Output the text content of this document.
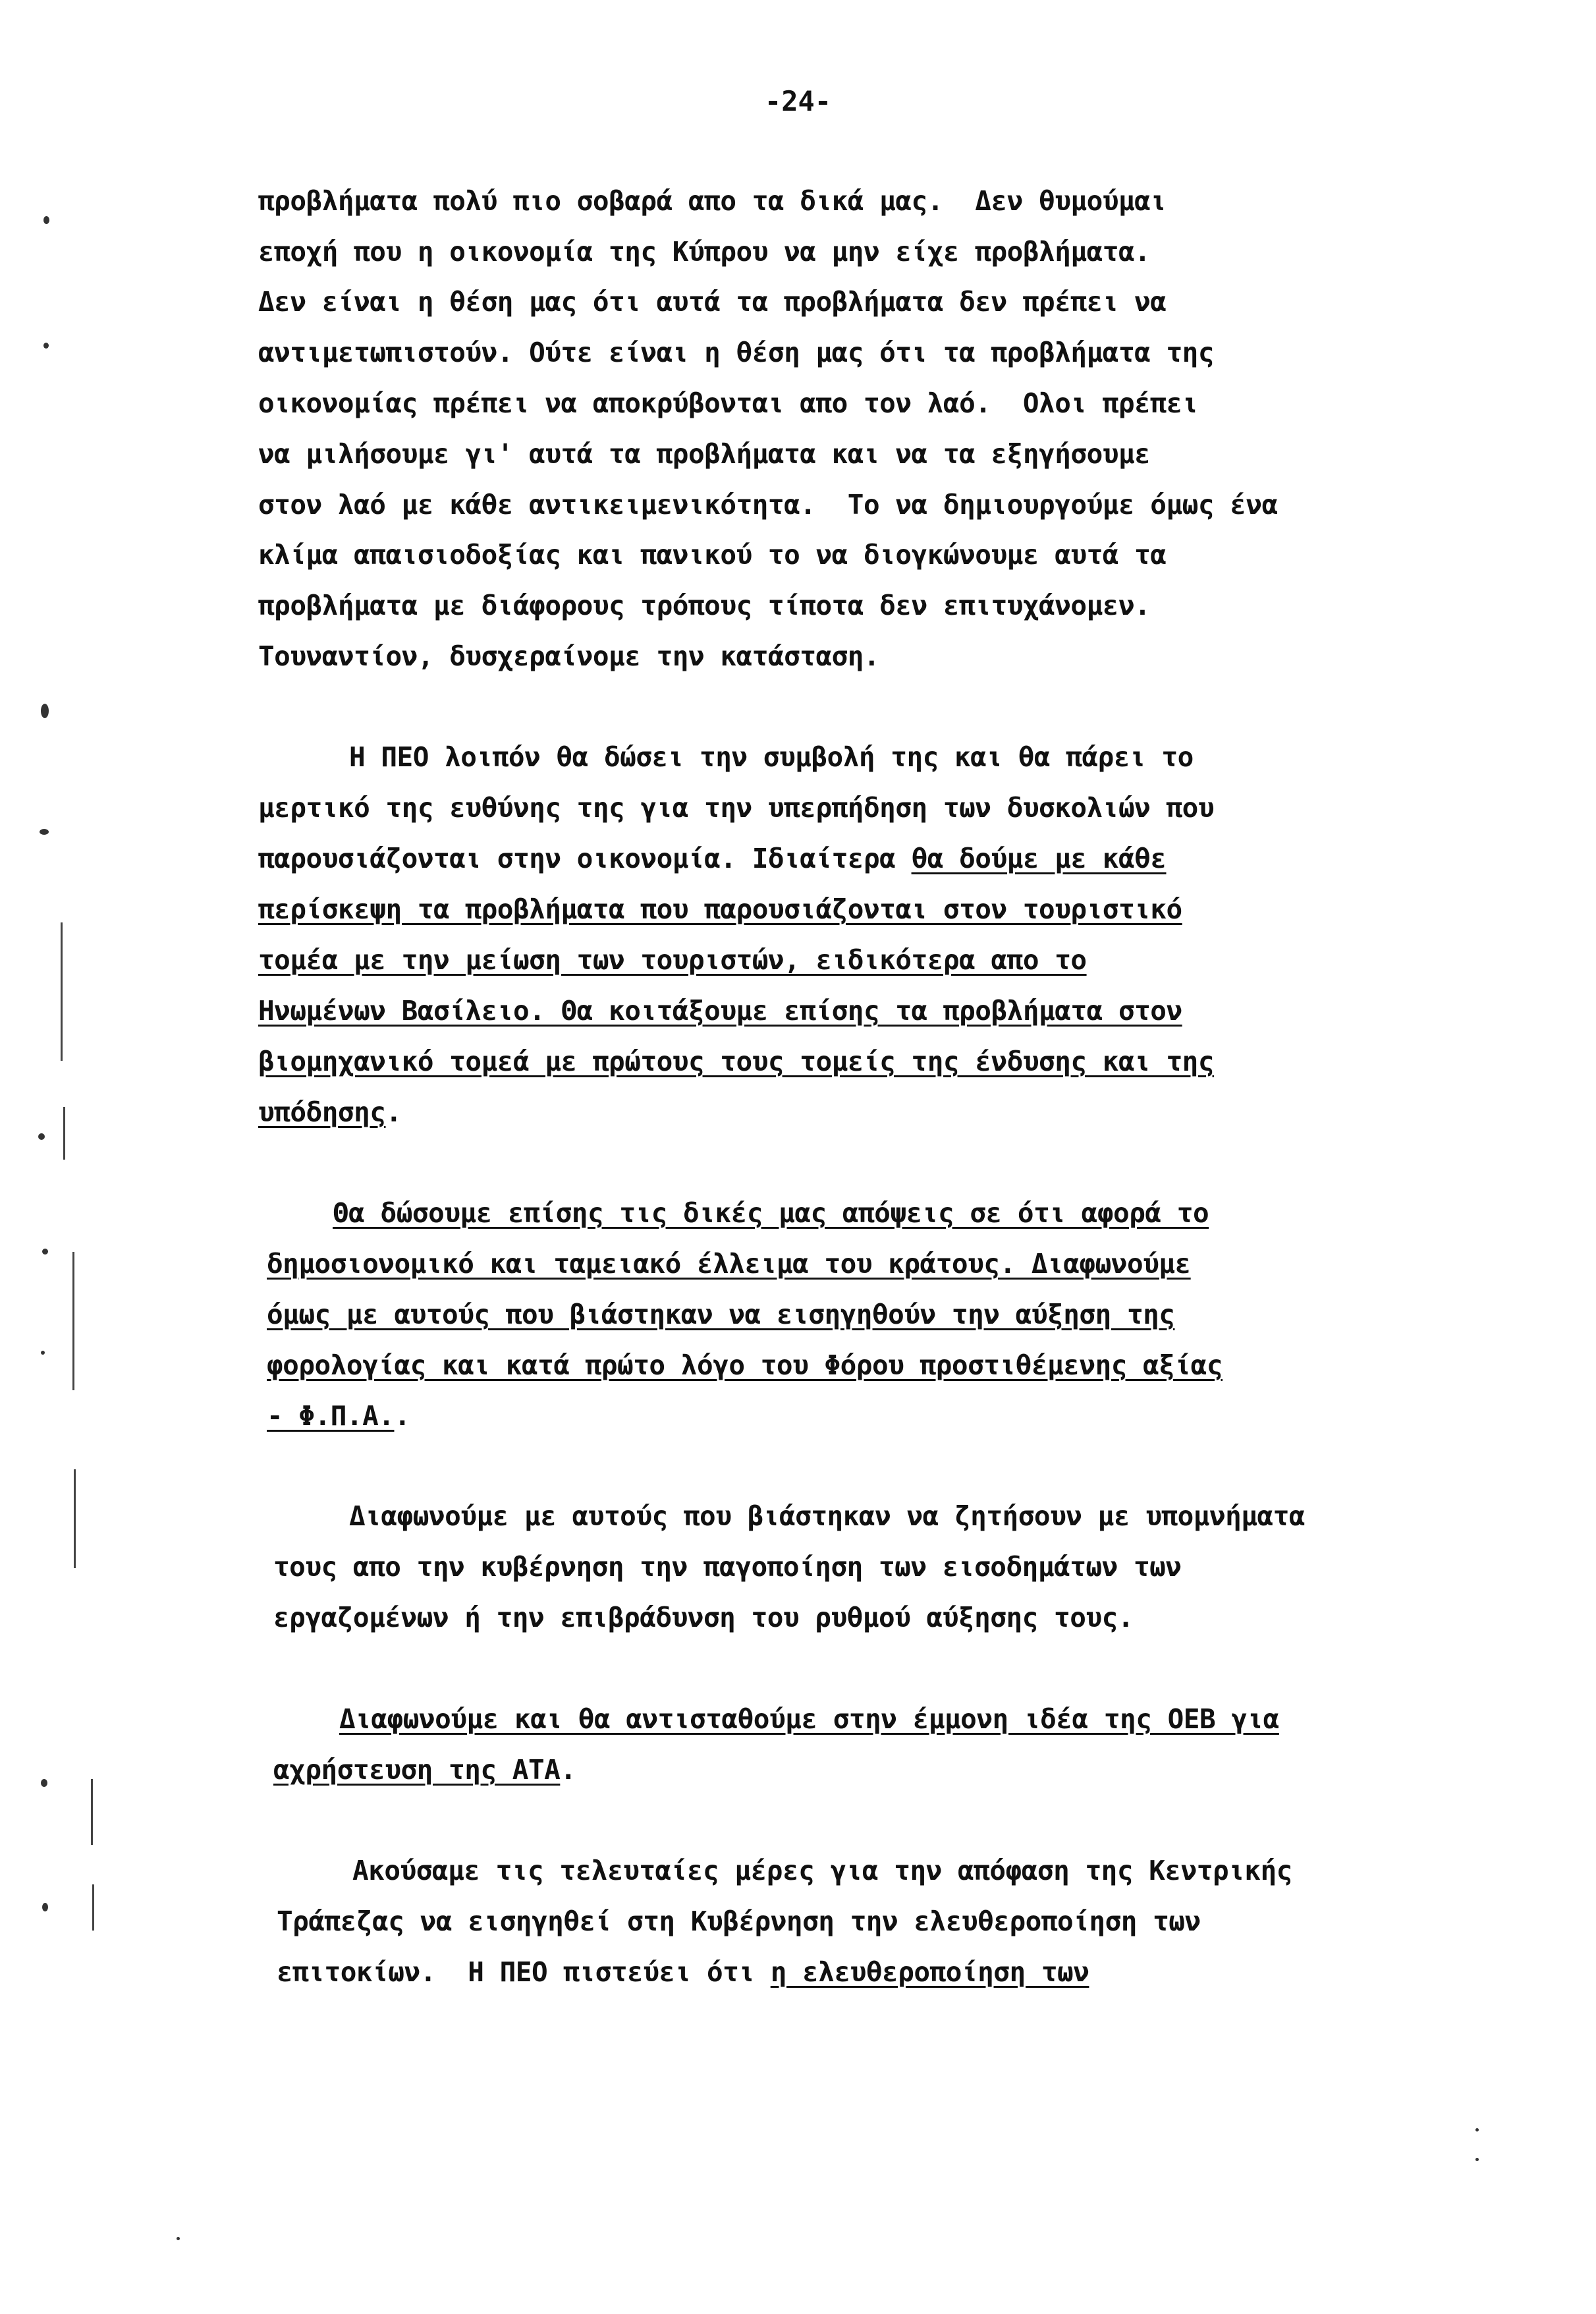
-24-
προβλήματα πολύ πιο σοβαρά απο τα δικά μας.  Δεν θυμούμαι
εποχή που η οικονομία της Κύπρου να μην είχε προβλήματα.
Δεν είναι η θέση μας ότι αυτά τα προβλήματα δεν πρέπει να
αντιμετωπιστούν. Ούτε είναι η θέση μας ότι τα προβλήματα της
οικονομίας πρέπει να αποκρύβονται απο τον λαό.  Ολοι πρέπει
να μιλήσουμε γι' αυτά τα προβλήματα και να τα εξηγήσουμε
στον λαό με κάθε αντικειμενικότητα.  Το να δημιουργούμε όμως ένα
κλίμα απαισιοδοξίας και πανικού το να διογκώνουμε αυτά τα
προβλήματα με διάφορους τρόπους τίποτα δεν επιτυχάνομεν.
Τουναντίον, δυσχεραίνομε την κατάσταση.
Η ΠΕΟ λοιπόν θα δώσει την συμβολή της και θα πάρει το
μερτικό της ευθύνης της για την υπερπήδηση των δυσκολιών που
παρουσιάζονται στην οικονομία. Ιδιαίτερα θα δούμε με κάθε
περίσκεψη τα προβλήματα που παρουσιάζονται στον τουριστικό
τομέα με την μείωση των τουριστών, ειδικότερα απο το
Ηνωμένων Βασίλειο. Θα κοιτάξουμε επίσης τα προβλήματα στον
βιομηχανικό τομεά με πρώτους τους τομείς της ένδυσης και της
υπόδησης.
Θα δώσουμε επίσης τις δικές μας απόψεις σε ότι αφορά το
δημοσιονομικό και ταμειακό έλλειμα του κράτους. Διαφωνούμε
όμως με αυτούς που βιάστηκαν να εισηγηθούν την αύξηση της
φορολογίας και κατά πρώτο λόγο του Φόρου προστιθέμενης αξίας
- Φ.Π.Α..
Διαφωνούμε με αυτούς που βιάστηκαν να ζητήσουν με υπομνήματα
τους απο την κυβέρνηση την παγοποίηση των εισοδημάτων των
εργαζομένων ή την επιβράδυνση του ρυθμού αύξησης τους.
Διαφωνούμε και θα αντισταθούμε στην έμμονη ιδέα της ΟΕΒ για
αχρήστευση της ΑΤΑ.
Ακούσαμε τις τελευταίες μέρες για την απόφαση της Κεντρικής
Τράπεζας να εισηγηθεί στη Κυβέρνηση την ελευθεροποίηση των
επιτοκίων.  Η ΠΕΟ πιστεύει ότι η ελευθεροποίηση των
